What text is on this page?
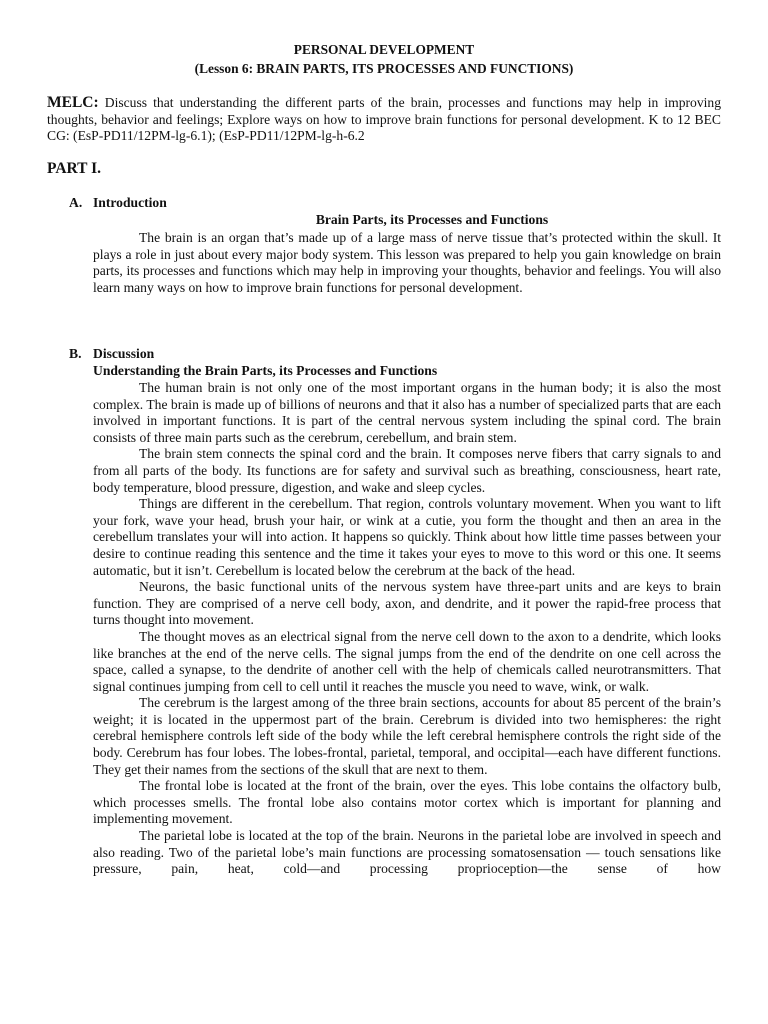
PERSONAL DEVELOPMENT
(Lesson 6: BRAIN PARTS, ITS PROCESSES AND FUNCTIONS)
MELC: Discuss that understanding the different parts of the brain, processes and functions may help in improving thoughts, behavior and feelings; Explore ways on how to improve brain functions for personal development. K to 12 BEC CG: (EsP-PD11/12PM-lg-6.1); (EsP-PD11/12PM-lg-h-6.2
PART I.
A. Introduction
Brain Parts, its Processes and Functions

The brain is an organ that’s made up of a large mass of nerve tissue that’s protected within the skull. It plays a role in just about every major body system. This lesson was prepared to help you gain knowledge on brain parts, its processes and functions which may help in improving your thoughts, behavior and feelings. You will also learn many ways on how to improve brain functions for personal development.

B. Discussion
Understanding the Brain Parts, its Processes and Functions

The human brain is not only one of the most important organs in the human body; it is also the most complex. The brain is made up of billions of neurons and that it also has a number of specialized parts that are each involved in important functions. It is part of the central nervous system including the spinal cord. The brain consists of three main parts such as the cerebrum, cerebellum, and brain stem.

The brain stem connects the spinal cord and the brain. It composes nerve fibers that carry signals to and from all parts of the body. Its functions are for safety and survival such as breathing, consciousness, heart rate, body temperature, blood pressure, digestion, and wake and sleep cycles.

Things are different in the cerebellum. That region, controls voluntary movement. When you want to lift your fork, wave your head, brush your hair, or wink at a cutie, you form the thought and then an area in the cerebellum translates your will into action. It happens so quickly. Think about how little time passes between your desire to continue reading this sentence and the time it takes your eyes to move to this word or this one. It seems automatic, but it isn’t. Cerebellum is located below the cerebrum at the back of the head.

Neurons, the basic functional units of the nervous system have three-part units and are keys to brain function. They are comprised of a nerve cell body, axon, and dendrite, and it power the rapid-free process that turns thought into movement.

The thought moves as an electrical signal from the nerve cell down to the axon to a dendrite, which looks like branches at the end of the nerve cells. The signal jumps from the end of the dendrite on one cell across the space, called a synapse, to the dendrite of another cell with the help of chemicals called neurotransmitters. That signal continues jumping from cell to cell until it reaches the muscle you need to wave, wink, or walk.

The cerebrum is the largest among of the three brain sections, accounts for about 85 percent of the brain’s weight; it is located in the uppermost part of the brain. Cerebrum is divided into two hemispheres: the right cerebral hemisphere controls left side of the body while the left cerebral hemisphere controls the right side of the body. Cerebrum has four lobes. The lobes-frontal, parietal, temporal, and occipital—each have different functions. They get their names from the sections of the skull that are next to them.

The frontal lobe is located at the front of the brain, over the eyes. This lobe contains the olfactory bulb, which processes smells. The frontal lobe also contains motor cortex which is important for planning and implementing movement.

The parietal lobe is located at the top of the brain. Neurons in the parietal lobe are involved in speech and also reading. Two of the parietal lobe’s main functions are processing somatosensation — touch sensations like pressure, pain, heat, cold—and processing proprioception—the sense of how
